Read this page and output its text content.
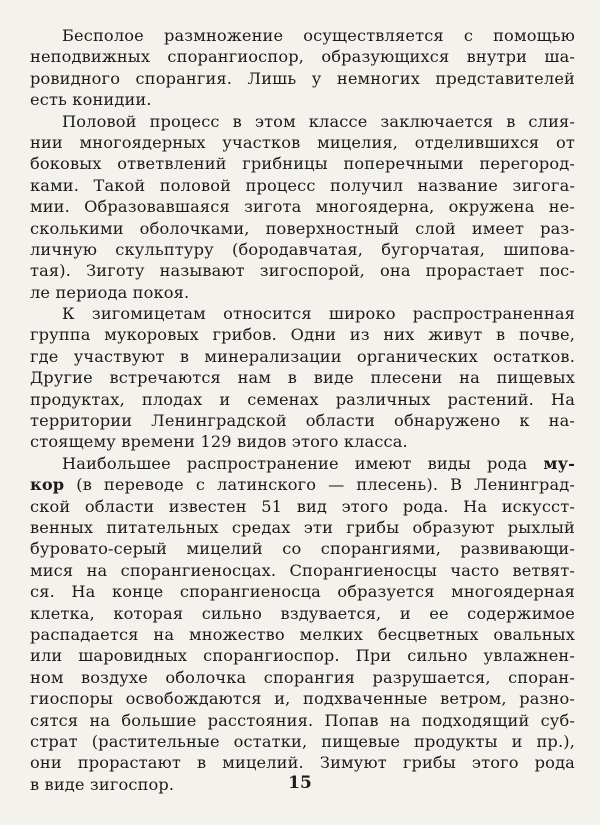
Бесполое размножение осуществляется с помощью
неподвижных спорангиоспор, образующихся внутри ша-
ровидного спорангия. Лишь у немногих представителей
есть конидии.
Половой процесс в этом классе заключается в слия-
нии многоядерных участков мицелия, отделившихся от
боковых ответвлений грибницы поперечными перегород-
ками. Такой половой процесс получил название зигога-
мии. Образовавшаяся зигота многоядерна, окружена не-
сколькими оболочками, поверхностный слой имеет раз-
личную скульптуру (бородавчатая, бугорчатая, шипова-
тая). Зиготу называют зигоспорой, она прорастает пос-
ле периода покоя.
К зигомицетам относится широко распространенная
группа мукоровых грибов. Одни из них живут в почве,
где участвуют в минерализации органических остатков.
Другие встречаются нам в виде плесени на пищевых
продуктах, плодах и семенах различных растений. На
территории Ленинградской области обнаружено к на-
стоящему времени 129 видов этого класса.
Наибольшее распространение имеют виды рода му-
кор (в переводе с латинского — плесень). В Ленинград-
ской области известен 51 вид этого рода. На искусст-
венных питательных средах эти грибы образуют рыхлый
буровато-серый мицелий со спорангиями, развивающи-
мися на спорангиеносцах. Спорангиеносцы часто ветвят-
ся. На конце спорангиеносца образуется многоядерная
клетка, которая сильно вздувается, и ее содержимое
распадается на множество мелких бесцветных овальных
или шаровидных спорангиоспор. При сильно увлажнен-
ном воздухе оболочка спорангия разрушается, споран-
гиоспоры освобождаются и, подхваченные ветром, разно-
сятся на большие расстояния. Попав на подходящий суб-
страт (растительные остатки, пищевые продукты и пр.),
они прорастают в мицелий. Зимуют грибы этого рода
в виде зигоспор.	15
